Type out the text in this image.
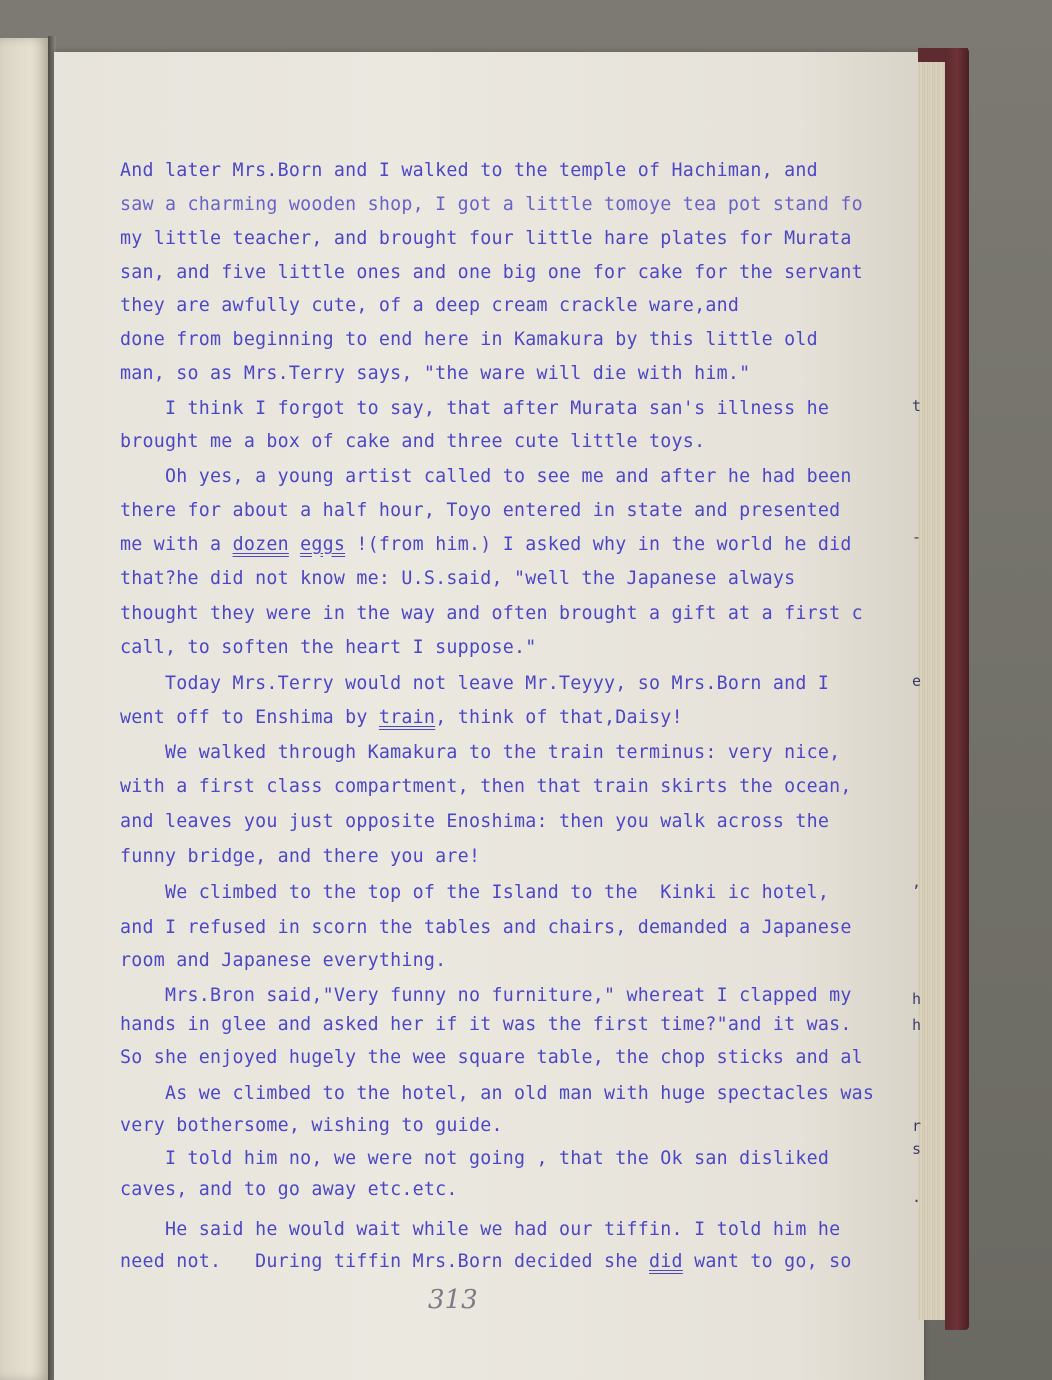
t
-
e
,
h
h
r
s
.
And later Mrs.Born and I walked to the temple of Hachiman, and
saw a charming wooden shop, I got a little tomoye tea pot stand fo
my little teacher, and brought four little hare plates for Murata
san, and five little ones and one big one for cake for the servant
they are awfully cute, of a deep cream crackle ware,and
done from beginning to end here in Kamakura by this little old
man, so as Mrs.Terry says, "the ware will die with him."
I think I forgot to say, that after Murata san's illness he
brought me a box of cake and three cute little toys.
Oh yes, a young artist called to see me and after he had been
there for about a half hour, Toyo entered in state and presented
me with a dozen eggs !(from him.) I asked why in the world he did
that?he did not know me: U.S.said, "well the Japanese always
thought they were in the way and often brought a gift at a first c
call, to soften the heart I suppose."
Today Mrs.Terry would not leave Mr.Teyyy, so Mrs.Born and I
went off to Enshima by train, think of that,Daisy!
We walked through Kamakura to the train terminus: very nice,
with a first class compartment, then that train skirts the ocean,
and leaves you just opposite Enoshima: then you walk across the
funny bridge, and there you are!
We climbed to the top of the Island to the  Kinki ic hotel,
and I refused in scorn the tables and chairs, demanded a Japanese
room and Japanese everything.
Mrs.Bron said,"Very funny no furniture," whereat I clapped my
hands in glee and asked her if it was the first time?"and it was.
So she enjoyed hugely the wee square table, the chop sticks and al
As we climbed to the hotel, an old man with huge spectacles was
very bothersome, wishing to guide.
I told him no, we were not going , that the Ok san disliked
caves, and to go away etc.etc.
He said he would wait while we had our tiffin. I told him he
need not.   During tiffin Mrs.Born decided she did want to go, so
313
